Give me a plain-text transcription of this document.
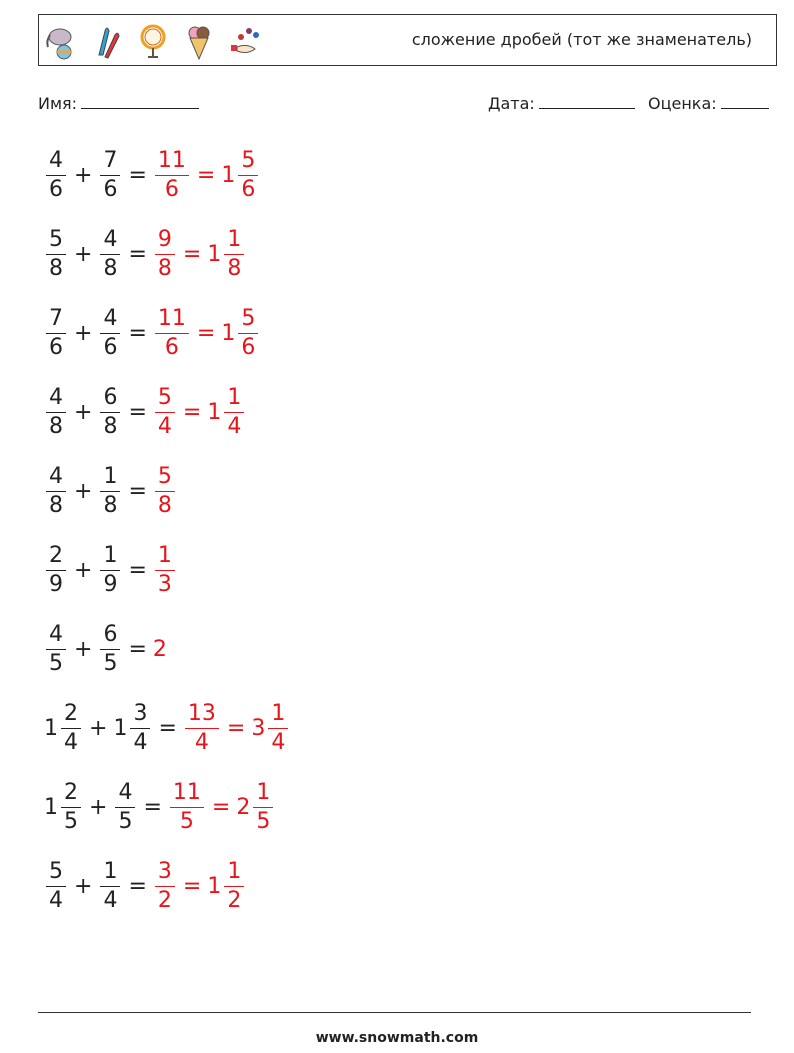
сложение дробей (тот же знаменатель)
Имя:	Дата:	Оценка:
$\frac{4}{6} + \frac{7}{6} = \frac{11}{6} = 1 \frac{5}{6}$
$\frac{5}{8} + \frac{4}{8} = \frac{9}{8} = 1 \frac{1}{8}$
$\frac{7}{6} + \frac{4}{6} = \frac{11}{6} = 1 \frac{5}{6}$
$\frac{4}{8} + \frac{6}{8} = \frac{5}{4} = 1 \frac{1}{4}$
$\frac{4}{8} + \frac{1}{8} = \frac{5}{8}$
$\frac{2}{9} + \frac{1}{9} = \frac{1}{3}$
$\frac{4}{5} + \frac{6}{5} = 2$
$1 \frac{2}{4} + 1 \frac{3}{4} = \frac{13}{4} = 3 \frac{1}{4}$
$1 \frac{2}{5} + \frac{4}{5} = \frac{11}{5} = 2 \frac{1}{5}$
$\frac{5}{4} + \frac{1}{4} = \frac{3}{2} = 1 \frac{1}{2}$
www.snowmath.com
